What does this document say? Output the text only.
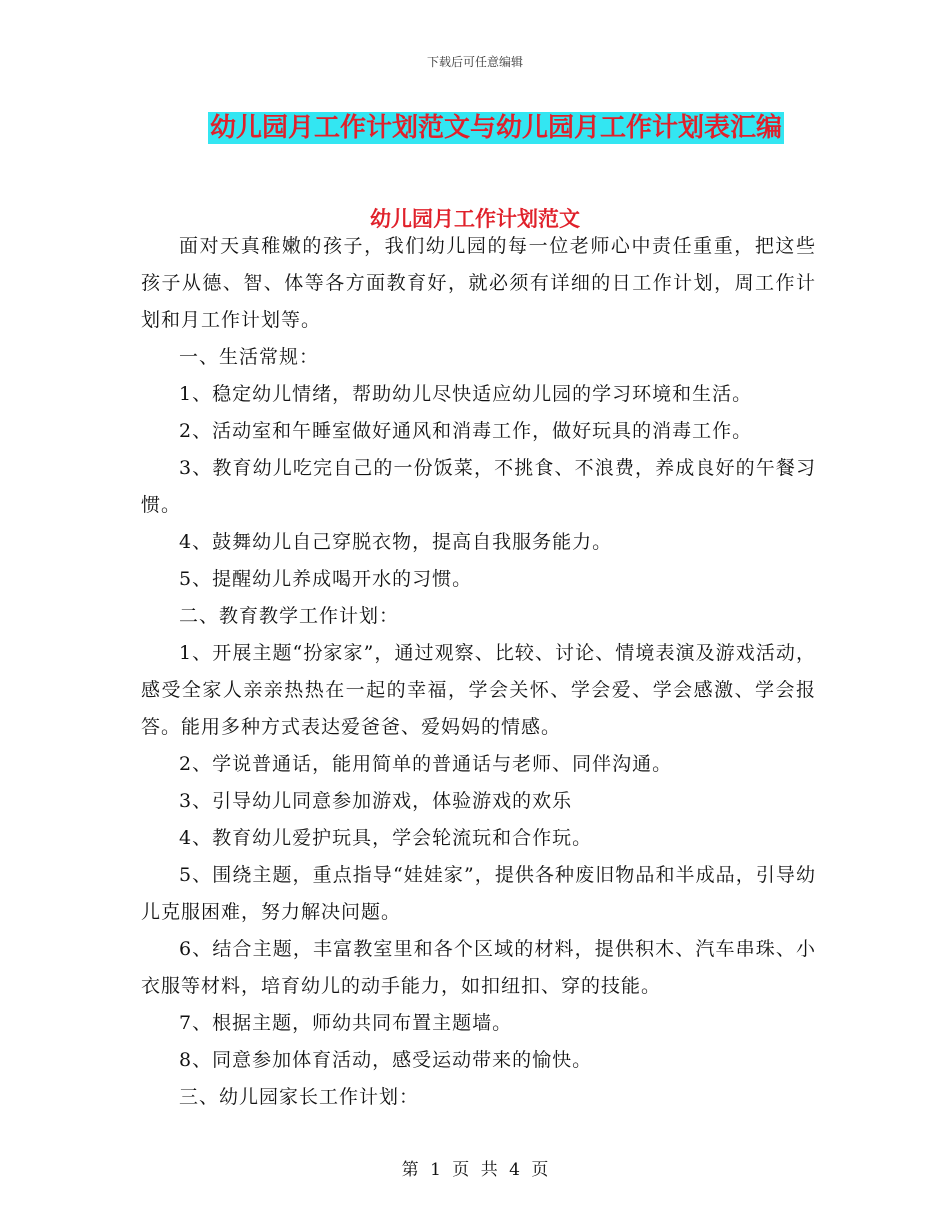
下载后可任意编辑
幼儿园月工作计划范文与幼儿园月工作计划表汇编
幼儿园月工作计划范文

面对天真稚嫩的孩子，我们幼儿园的每一位老师心中责任重重，把这些孩子从德、智、体等各方面教育好，就必须有详细的日工作计划，周工作计划和月工作计划等。

一、生活常规：

1、稳定幼儿情绪，帮助幼儿尽快适应幼儿园的学习环境和生活。

2、活动室和午睡室做好通风和消毒工作，做好玩具的消毒工作。

3、教育幼儿吃完自己的一份饭菜，不挑食、不浪费，养成良好的午餐习惯。

4、鼓舞幼儿自己穿脱衣物，提高自我服务能力。

5、提醒幼儿养成喝开水的习惯。

二、教育教学工作计划：

1、开展主题“扮家家”，通过观察、比较、讨论、情境表演及游戏活动，感受全家人亲亲热热在一起的幸福，学会关怀、学会爱、学会感激、学会报答。能用多种方式表达爱爸爸、爱妈妈的情感。

2、学说普通话，能用简单的普通话与老师、同伴沟通。

3、引导幼儿同意参加游戏，体验游戏的欢乐

4、教育幼儿爱护玩具，学会轮流玩和合作玩。

5、围绕主题，重点指导“娃娃家”，提供各种废旧物品和半成品，引导幼儿克服困难，努力解决问题。

6、结合主题，丰富教室里和各个区域的材料，提供积木、汽车串珠、小衣服等材料，培育幼儿的动手能力，如扣纽扣、穿的技能。

7、根据主题，师幼共同布置主题墙。

8、同意参加体育活动，感受运动带来的愉快。

三、幼儿园家长工作计划：

第 1 页 共 4 页
